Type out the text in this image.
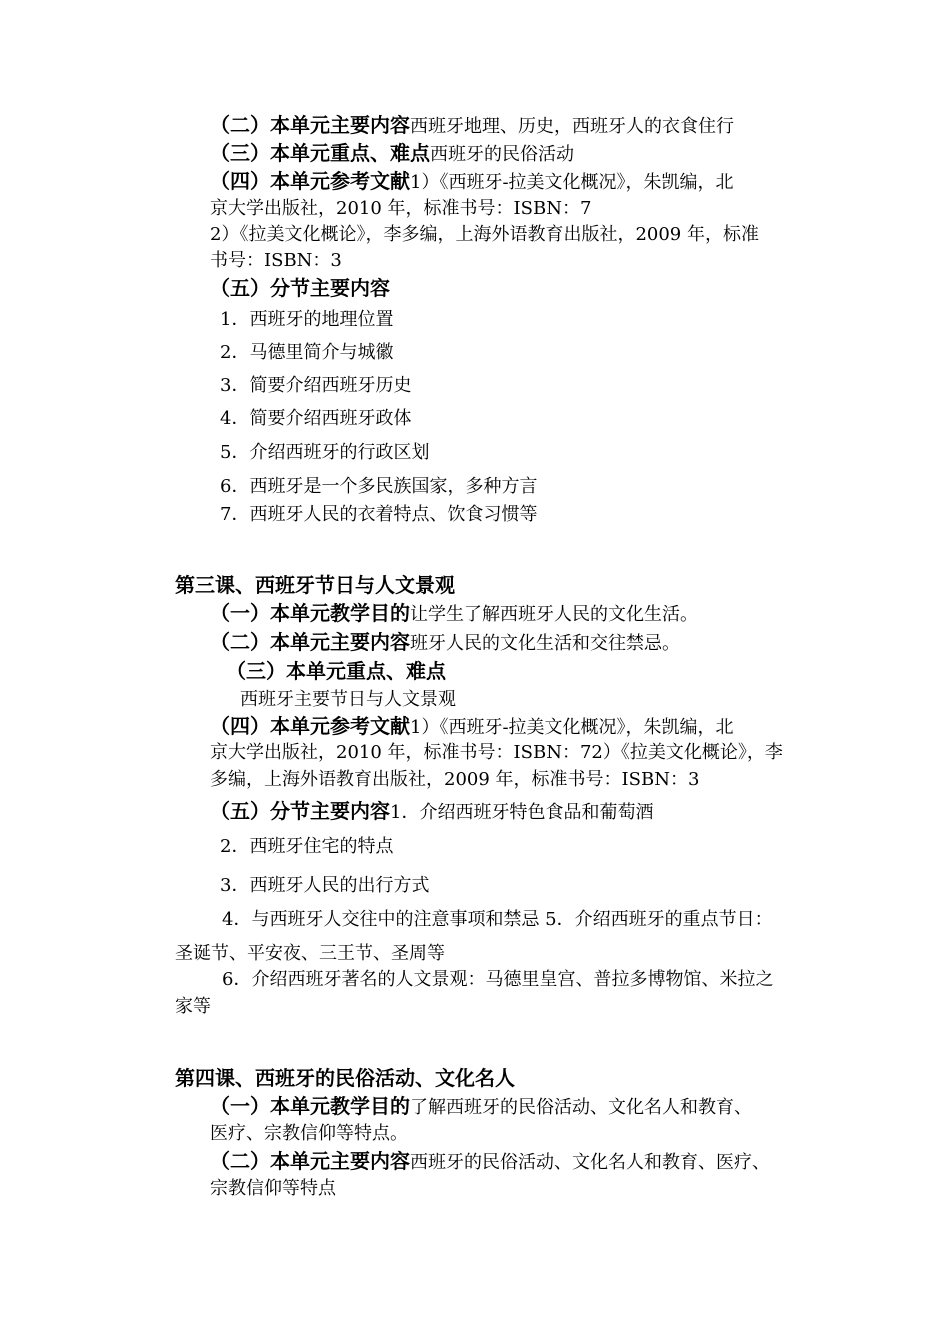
（二）本单元主要内容西班牙地理、历史，西班牙人的衣食住行
（三）本单元重点、难点西班牙的民俗活动
（四）本单元参考文献1）《西班牙-拉美文化概况》，朱凯编，北
京大学出版社，2010 年，标准书号：ISBN：7
2）《拉美文化概论》，李多编，上海外语教育出版社，2009 年，标准
书号：ISBN：3
（五）分节主要内容
1．西班牙的地理位置
2．马德里简介与城徽
3．简要介绍西班牙历史
4．简要介绍西班牙政体
5．介绍西班牙的行政区划
6．西班牙是一个多民族国家，多种方言
7．西班牙人民的衣着特点、饮食习惯等
第三课、西班牙节日与人文景观
（一）本单元教学目的让学生了解西班牙人民的文化生活。
（二）本单元主要内容班牙人民的文化生活和交往禁忌。
（三）本单元重点、难点
西班牙主要节日与人文景观
（四）本单元参考文献1）《西班牙-拉美文化概况》，朱凯编，北
京大学出版社，2010 年，标准书号：ISBN：72）《拉美文化概论》，李
多编，上海外语教育出版社，2009 年，标准书号：ISBN：3
（五）分节主要内容1．介绍西班牙特色食品和葡萄酒
2．西班牙住宅的特点
3．西班牙人民的出行方式
4．与西班牙人交往中的注意事项和禁忌 5．介绍西班牙的重点节日：
圣诞节、平安夜、三王节、圣周等
6．介绍西班牙著名的人文景观：马德里皇宫、普拉多博物馆、米拉之
家等
第四课、西班牙的民俗活动、文化名人
（一）本单元教学目的了解西班牙的民俗活动、文化名人和教育、
医疗、宗教信仰等特点。
（二）本单元主要内容西班牙的民俗活动、文化名人和教育、医疗、
宗教信仰等特点
